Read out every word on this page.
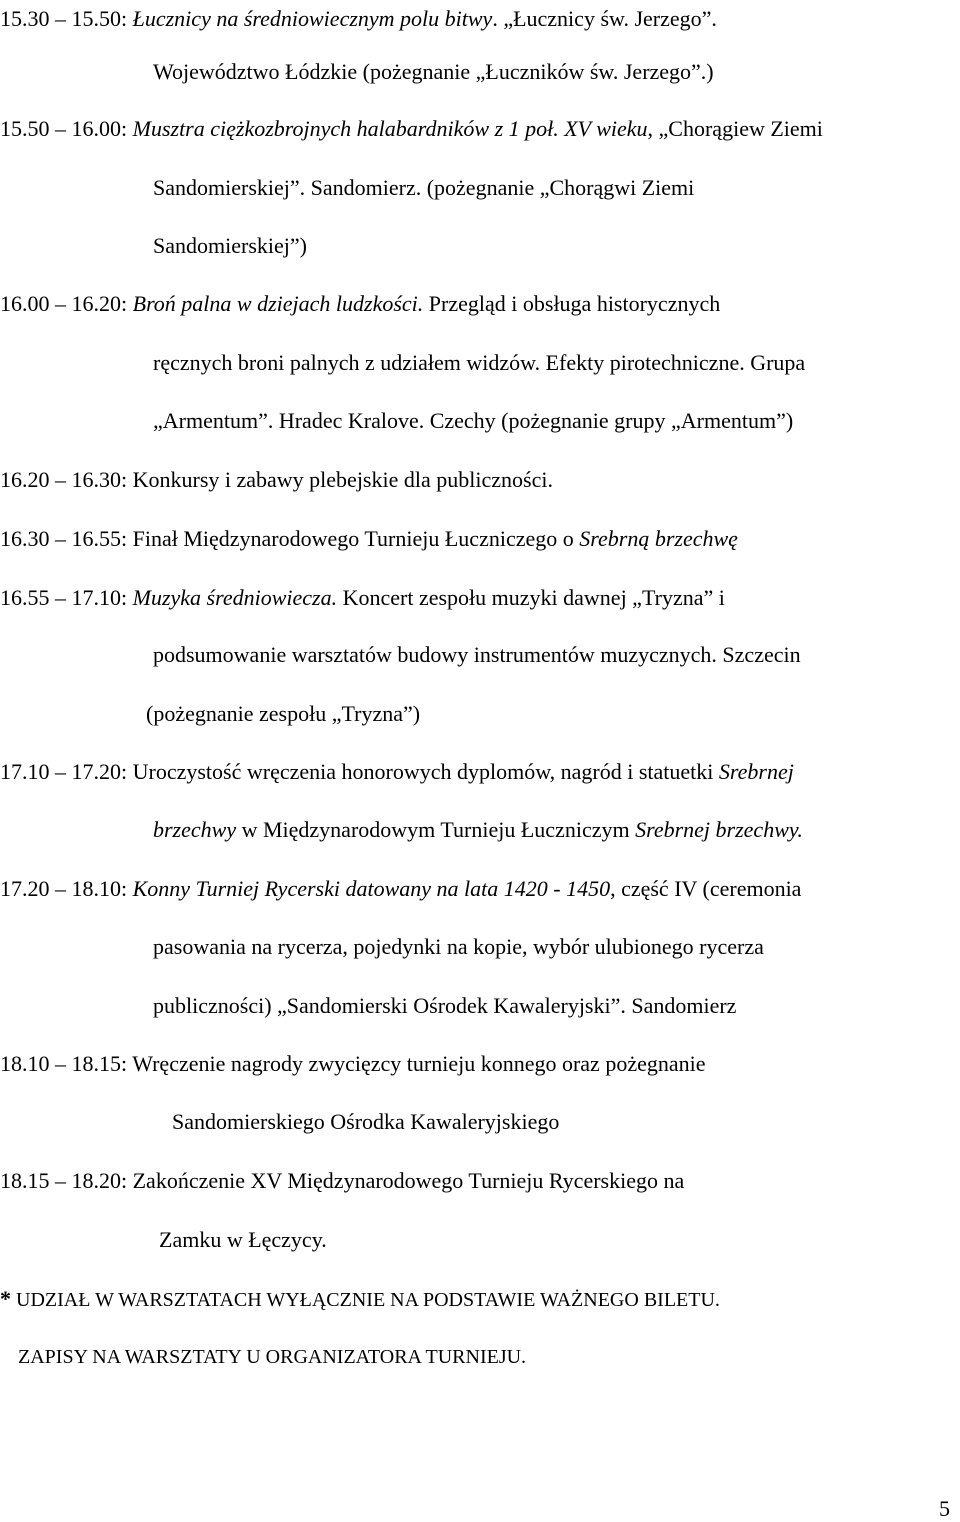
15.30 – 15.50: Łucznicy na średniowiecznym polu bitwy. „Łucznicy św. Jerzego”.
Województwo Łódzkie (pożegnanie „Łuczników św. Jerzego”.)
15.50 – 16.00: Musztra ciężkozbrojnych halabardników z 1 poł. XV wieku, „Chorągiew Ziemi
Sandomierskiej”. Sandomierz. (pożegnanie „Chorągwi Ziemi
Sandomierskiej”)
16.00 – 16.20: Broń palna w dziejach ludzkości. Przegląd i obsługa historycznych
ręcznych broni palnych z udziałem widzów. Efekty pirotechniczne. Grupa
„Armentum”. Hradec Kralove. Czechy (pożegnanie grupy „Armentum”)
16.20 – 16.30: Konkursy i zabawy plebejskie dla publiczności.
16.30 – 16.55: Finał Międzynarodowego Turnieju Łuczniczego o Srebrną brzechwę
16.55 – 17.10: Muzyka średniowiecza. Koncert zespołu muzyki dawnej „Tryzna” i
podsumowanie warsztatów budowy instrumentów muzycznych. Szczecin
(pożegnanie zespołu „Tryzna”)
17.10 – 17.20: Uroczystość wręczenia honorowych dyplomów, nagród i statuetki Srebrnej
brzechwy w Międzynarodowym Turnieju Łuczniczym Srebrnej brzechwy.
17.20 – 18.10: Konny Turniej Rycerski datowany na lata 1420 - 1450, część IV (ceremonia
pasowania na rycerza, pojedynki na kopie, wybór ulubionego rycerza
publiczności) „Sandomierski Ośrodek Kawaleryjski”. Sandomierz
18.10 – 18.15: Wręczenie nagrody zwycięzcy turnieju konnego oraz pożegnanie
Sandomierskiego Ośrodka Kawaleryjskiego
18.15 – 18.20: Zakończenie XV Międzynarodowego Turnieju Rycerskiego na
Zamku w Łęczycy.
* UDZIAŁ W WARSZTATACH WYŁĄCZNIE NA PODSTAWIE WAŻNEGO BILETU.
ZAPISY NA WARSZTATY U ORGANIZATORA TURNIEJU.
5
